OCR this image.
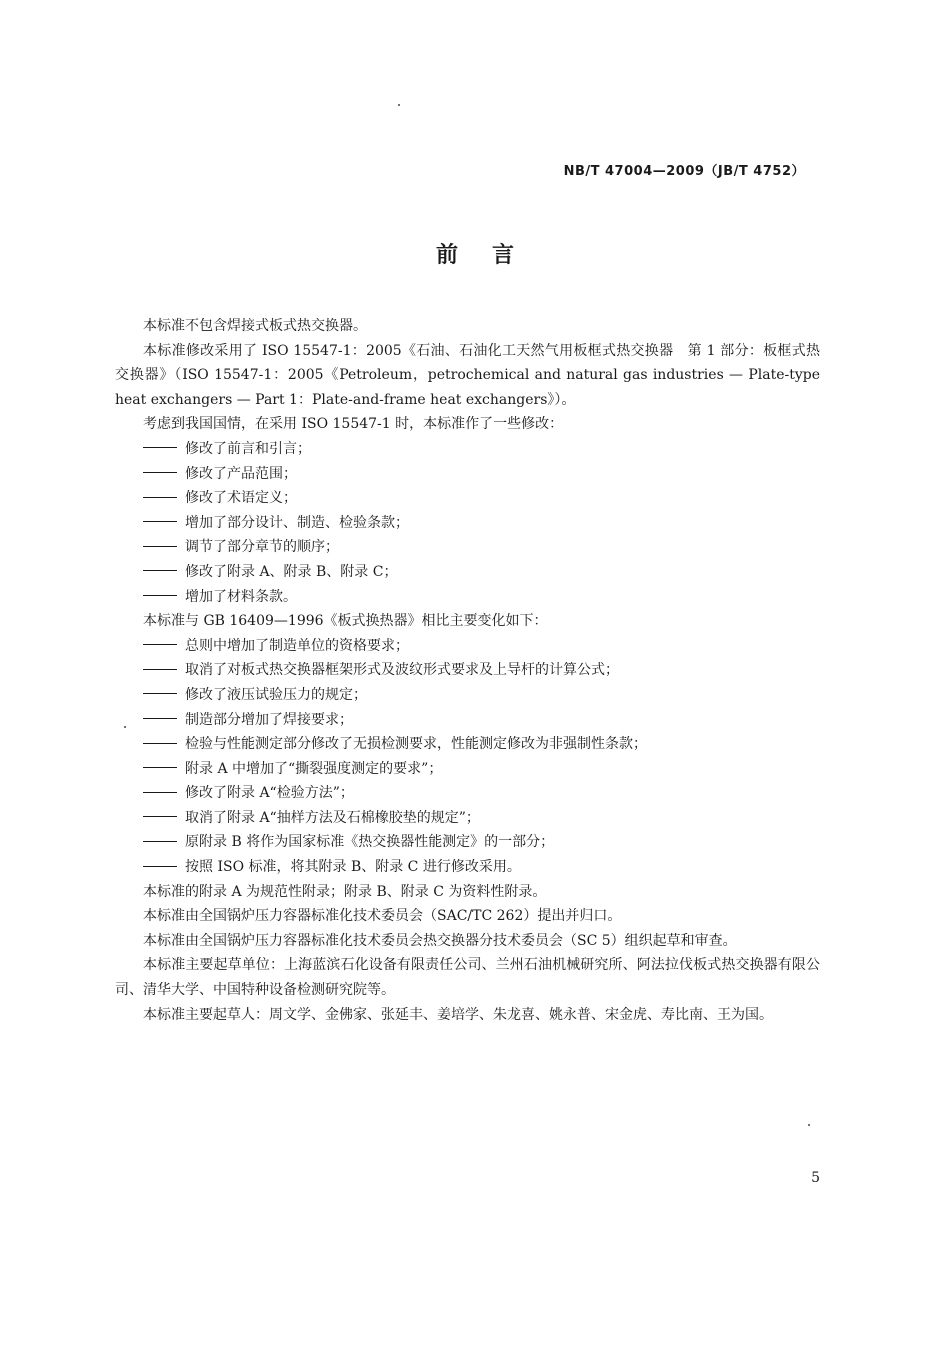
NB/T 47004—2009（JB/T 4752）
前言

本标准不包含焊接式板式热交换器。

本标准修改采用了 ISO 15547-1：2005《石油、石油化工天然气用板框式热交换器　第 1 部分：板框式热交换器》（ISO 15547-1：2005《Petroleum，petrochemical and natural gas industries — Plate-type heat exchangers — Part 1：Plate-and-frame heat exchangers》）。

考虑到我国国情，在采用 ISO 15547-1 时，本标准作了一些修改：

修改了前言和引言；

修改了产品范围；

修改了术语定义；

增加了部分设计、制造、检验条款；

调节了部分章节的顺序；

修改了附录 A、附录 B、附录 C；

增加了材料条款。

本标准与 GB 16409—1996《板式换热器》相比主要变化如下：

总则中增加了制造单位的资格要求；

取消了对板式热交换器框架形式及波纹形式要求及上导杆的计算公式；

修改了液压试验压力的规定；

制造部分增加了焊接要求；

检验与性能测定部分修改了无损检测要求，性能测定修改为非强制性条款；

附录 A 中增加了“撕裂强度测定的要求”；

修改了附录 A“检验方法”；

取消了附录 A“抽样方法及石棉橡胶垫的规定”；

原附录 B 将作为国家标准《热交换器性能测定》的一部分；

按照 ISO 标准，将其附录 B、附录 C 进行修改采用。

本标准的附录 A 为规范性附录；附录 B、附录 C 为资料性附录。

本标准由全国锅炉压力容器标准化技术委员会（SAC/TC 262）提出并归口。

本标准由全国锅炉压力容器标准化技术委员会热交换器分技术委员会（SC 5）组织起草和审查。

本标准主要起草单位：上海蓝滨石化设备有限责任公司、兰州石油机械研究所、阿法拉伐板式热交换器有限公司、清华大学、中国特种设备检测研究院等。

本标准主要起草人：周文学、金佛家、张延丰、姜培学、朱龙喜、姚永普、宋金虎、寿比南、王为国。

5
